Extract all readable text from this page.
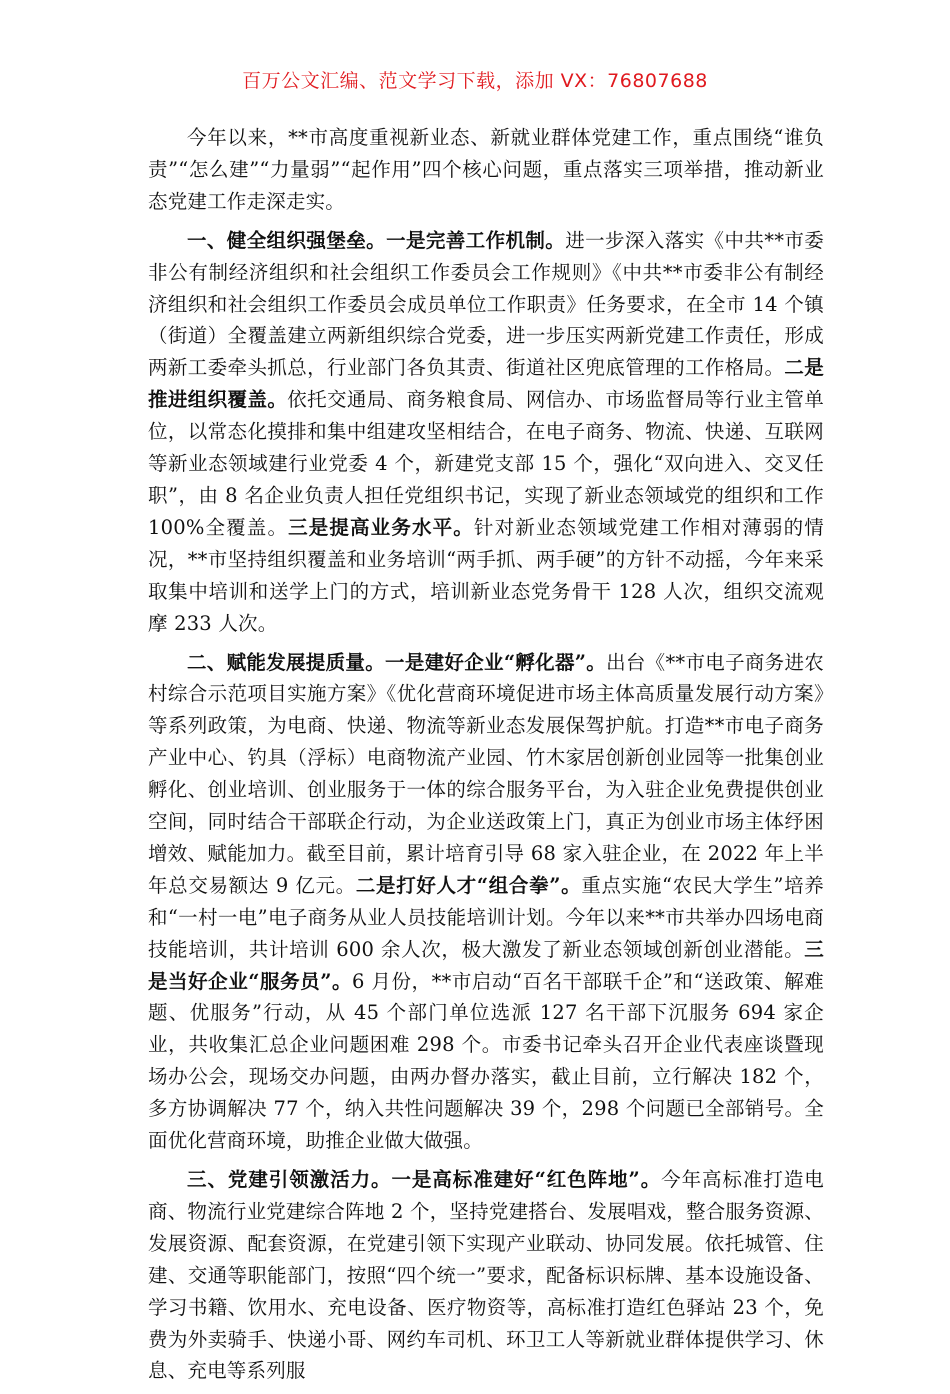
百万公文汇编、范文学习下载，添加 VX：76807688

今年以来，**市高度重视新业态、新就业群体党建工作，重点围绕“谁负责”“怎么建”“力量弱”“起作用”四个核心问题，重点落实三项举措，推动新业态党建工作走深走实。

一、健全组织强堡垒。一是完善工作机制。进一步深入落实《中共**市委非公有制经济组织和社会组织工作委员会工作规则》《中共**市委非公有制经济组织和社会组织工作委员会成员单位工作职责》任务要求，在全市 14 个镇（街道）全覆盖建立两新组织综合党委，进一步压实两新党建工作责任，形成两新工委牵头抓总，行业部门各负其责、街道社区兜底管理的工作格局。二是推进组织覆盖。依托交通局、商务粮食局、网信办、市场监督局等行业主管单位，以常态化摸排和集中组建攻坚相结合，在电子商务、物流、快递、互联网等新业态领域建行业党委 4 个，新建党支部 15 个，强化“双向进入、交叉任职”，由 8 名企业负责人担任党组织书记，实现了新业态领域党的组织和工作 100%全覆盖。三是提高业务水平。针对新业态领域党建工作相对薄弱的情况，**市坚持组织覆盖和业务培训“两手抓、两手硬”的方针不动摇，今年来采取集中培训和送学上门的方式，培训新业态党务骨干 128 人次，组织交流观摩 233 人次。

二、赋能发展提质量。一是建好企业“孵化器”。出台《**市电子商务进农村综合示范项目实施方案》《优化营商环境促进市场主体高质量发展行动方案》等系列政策，为电商、快递、物流等新业态发展保驾护航。打造**市电子商务产业中心、钓具（浮标）电商物流产业园、竹木家居创新创业园等一批集创业孵化、创业培训、创业服务于一体的综合服务平台，为入驻企业免费提供创业空间，同时结合干部联企行动，为企业送政策上门，真正为创业市场主体纾困增效、赋能加力。截至目前，累计培育引导 68 家入驻企业，在 2022 年上半年总交易额达 9 亿元。二是打好人才“组合拳”。重点实施“农民大学生”培养和“一村一电”电子商务从业人员技能培训计划。今年以来**市共举办四场电商技能培训，共计培训 600 余人次，极大激发了新业态领域创新创业潜能。三是当好企业“服务员”。6 月份，**市启动“百名干部联千企”和“送政策、解难题、优服务”行动，从 45 个部门单位选派 127 名干部下沉服务 694 家企业，共收集汇总企业问题困难 298 个。市委书记牵头召开企业代表座谈暨现场办公会，现场交办问题，由两办督办落实，截止目前，立行解决 182 个，多方协调解决 77 个，纳入共性问题解决 39 个，298 个问题已全部销号。全面优化营商环境，助推企业做大做强。

三、党建引领激活力。一是高标准建好“红色阵地”。今年高标准打造电商、物流行业党建综合阵地 2 个，坚持党建搭台、发展唱戏，整合服务资源、发展资源、配套资源，在党建引领下实现产业联动、协同发展。依托城管、住建、交通等职能部门，按照“四个统一”要求，配备标识标牌、基本设施设备、学习书籍、饮用水、充电设备、医疗物资等，高标准打造红色驿站 23 个，免费为外卖骑手、快递小哥、网约车司机、环卫工人等新就业群体提供学习、休息、充电等系列服
